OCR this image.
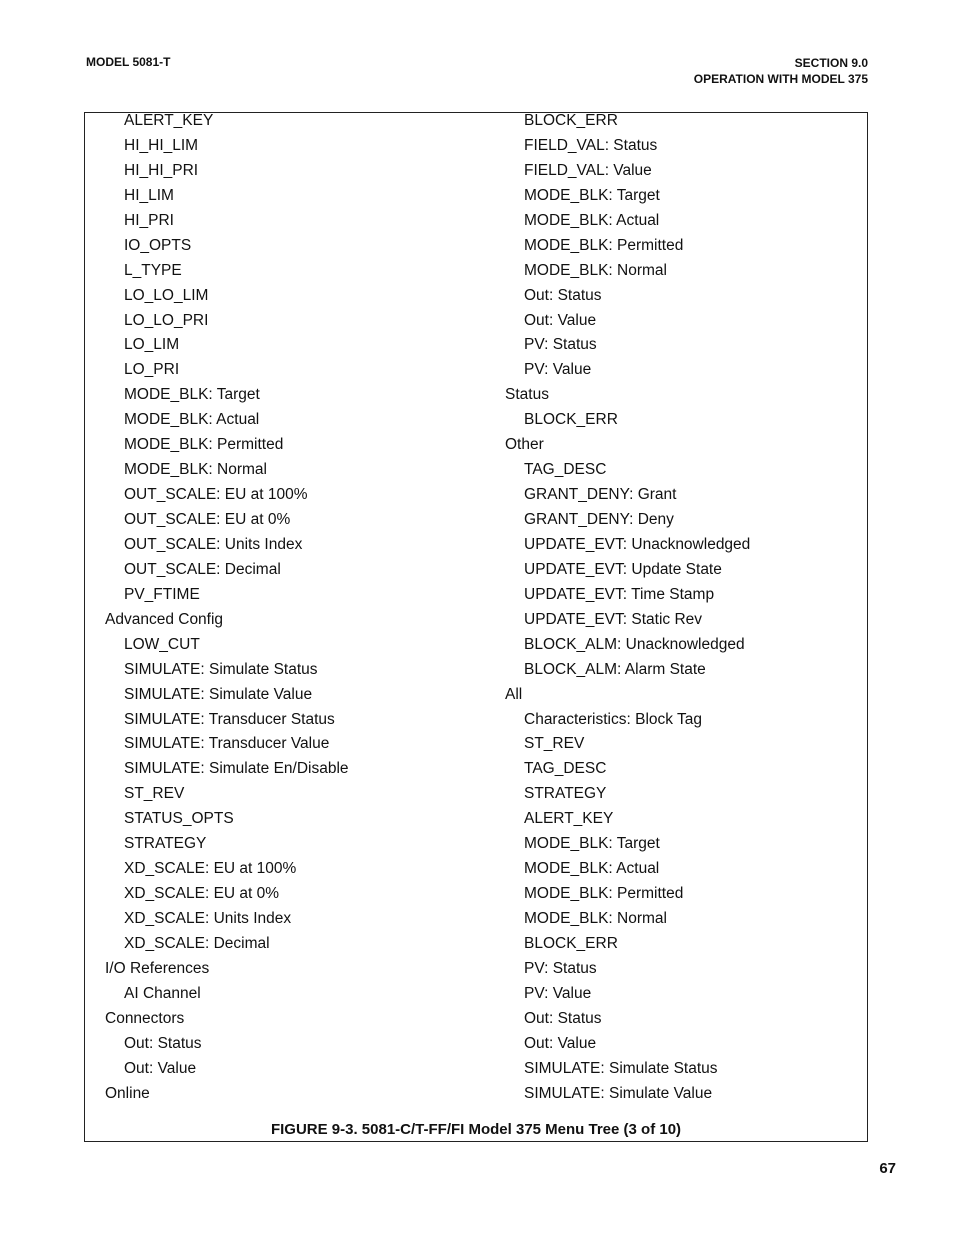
MODEL 5081-T	SECTION 9.0
OPERATION WITH MODEL 375
ALERT_KEY
HI_HI_LIM
HI_HI_PRI
HI_LIM
HI_PRI
IO_OPTS
L_TYPE
LO_LO_LIM
LO_LO_PRI
LO_LIM
LO_PRI
MODE_BLK: Target
MODE_BLK: Actual
MODE_BLK: Permitted
MODE_BLK: Normal
OUT_SCALE: EU at 100%
OUT_SCALE: EU at 0%
OUT_SCALE: Units Index
OUT_SCALE: Decimal
PV_FTIME
Advanced Config
LOW_CUT
SIMULATE: Simulate Status
SIMULATE: Simulate Value
SIMULATE: Transducer Status
SIMULATE: Transducer Value
SIMULATE: Simulate En/Disable
ST_REV
STATUS_OPTS
STRATEGY
XD_SCALE: EU at 100%
XD_SCALE: EU at 0%
XD_SCALE: Units Index
XD_SCALE: Decimal
I/O References
AI Channel
Connectors
Out: Status
Out: Value
Online
BLOCK_ERR
FIELD_VAL: Status
FIELD_VAL: Value
MODE_BLK: Target
MODE_BLK: Actual
MODE_BLK: Permitted
MODE_BLK: Normal
Out: Status
Out: Value
PV: Status
PV: Value
Status
BLOCK_ERR
Other
TAG_DESC
GRANT_DENY: Grant
GRANT_DENY: Deny
UPDATE_EVT: Unacknowledged
UPDATE_EVT: Update State
UPDATE_EVT: Time Stamp
UPDATE_EVT: Static Rev
BLOCK_ALM: Unacknowledged
BLOCK_ALM: Alarm State
All
Characteristics: Block Tag
ST_REV
TAG_DESC
STRATEGY
ALERT_KEY
MODE_BLK: Target
MODE_BLK: Actual
MODE_BLK: Permitted
MODE_BLK: Normal
BLOCK_ERR
PV: Status
PV: Value
Out: Status
Out: Value
SIMULATE: Simulate Status
SIMULATE: Simulate Value
FIGURE 9-3. 5081-C/T-FF/FI Model 375 Menu Tree (3 of 10)
67
